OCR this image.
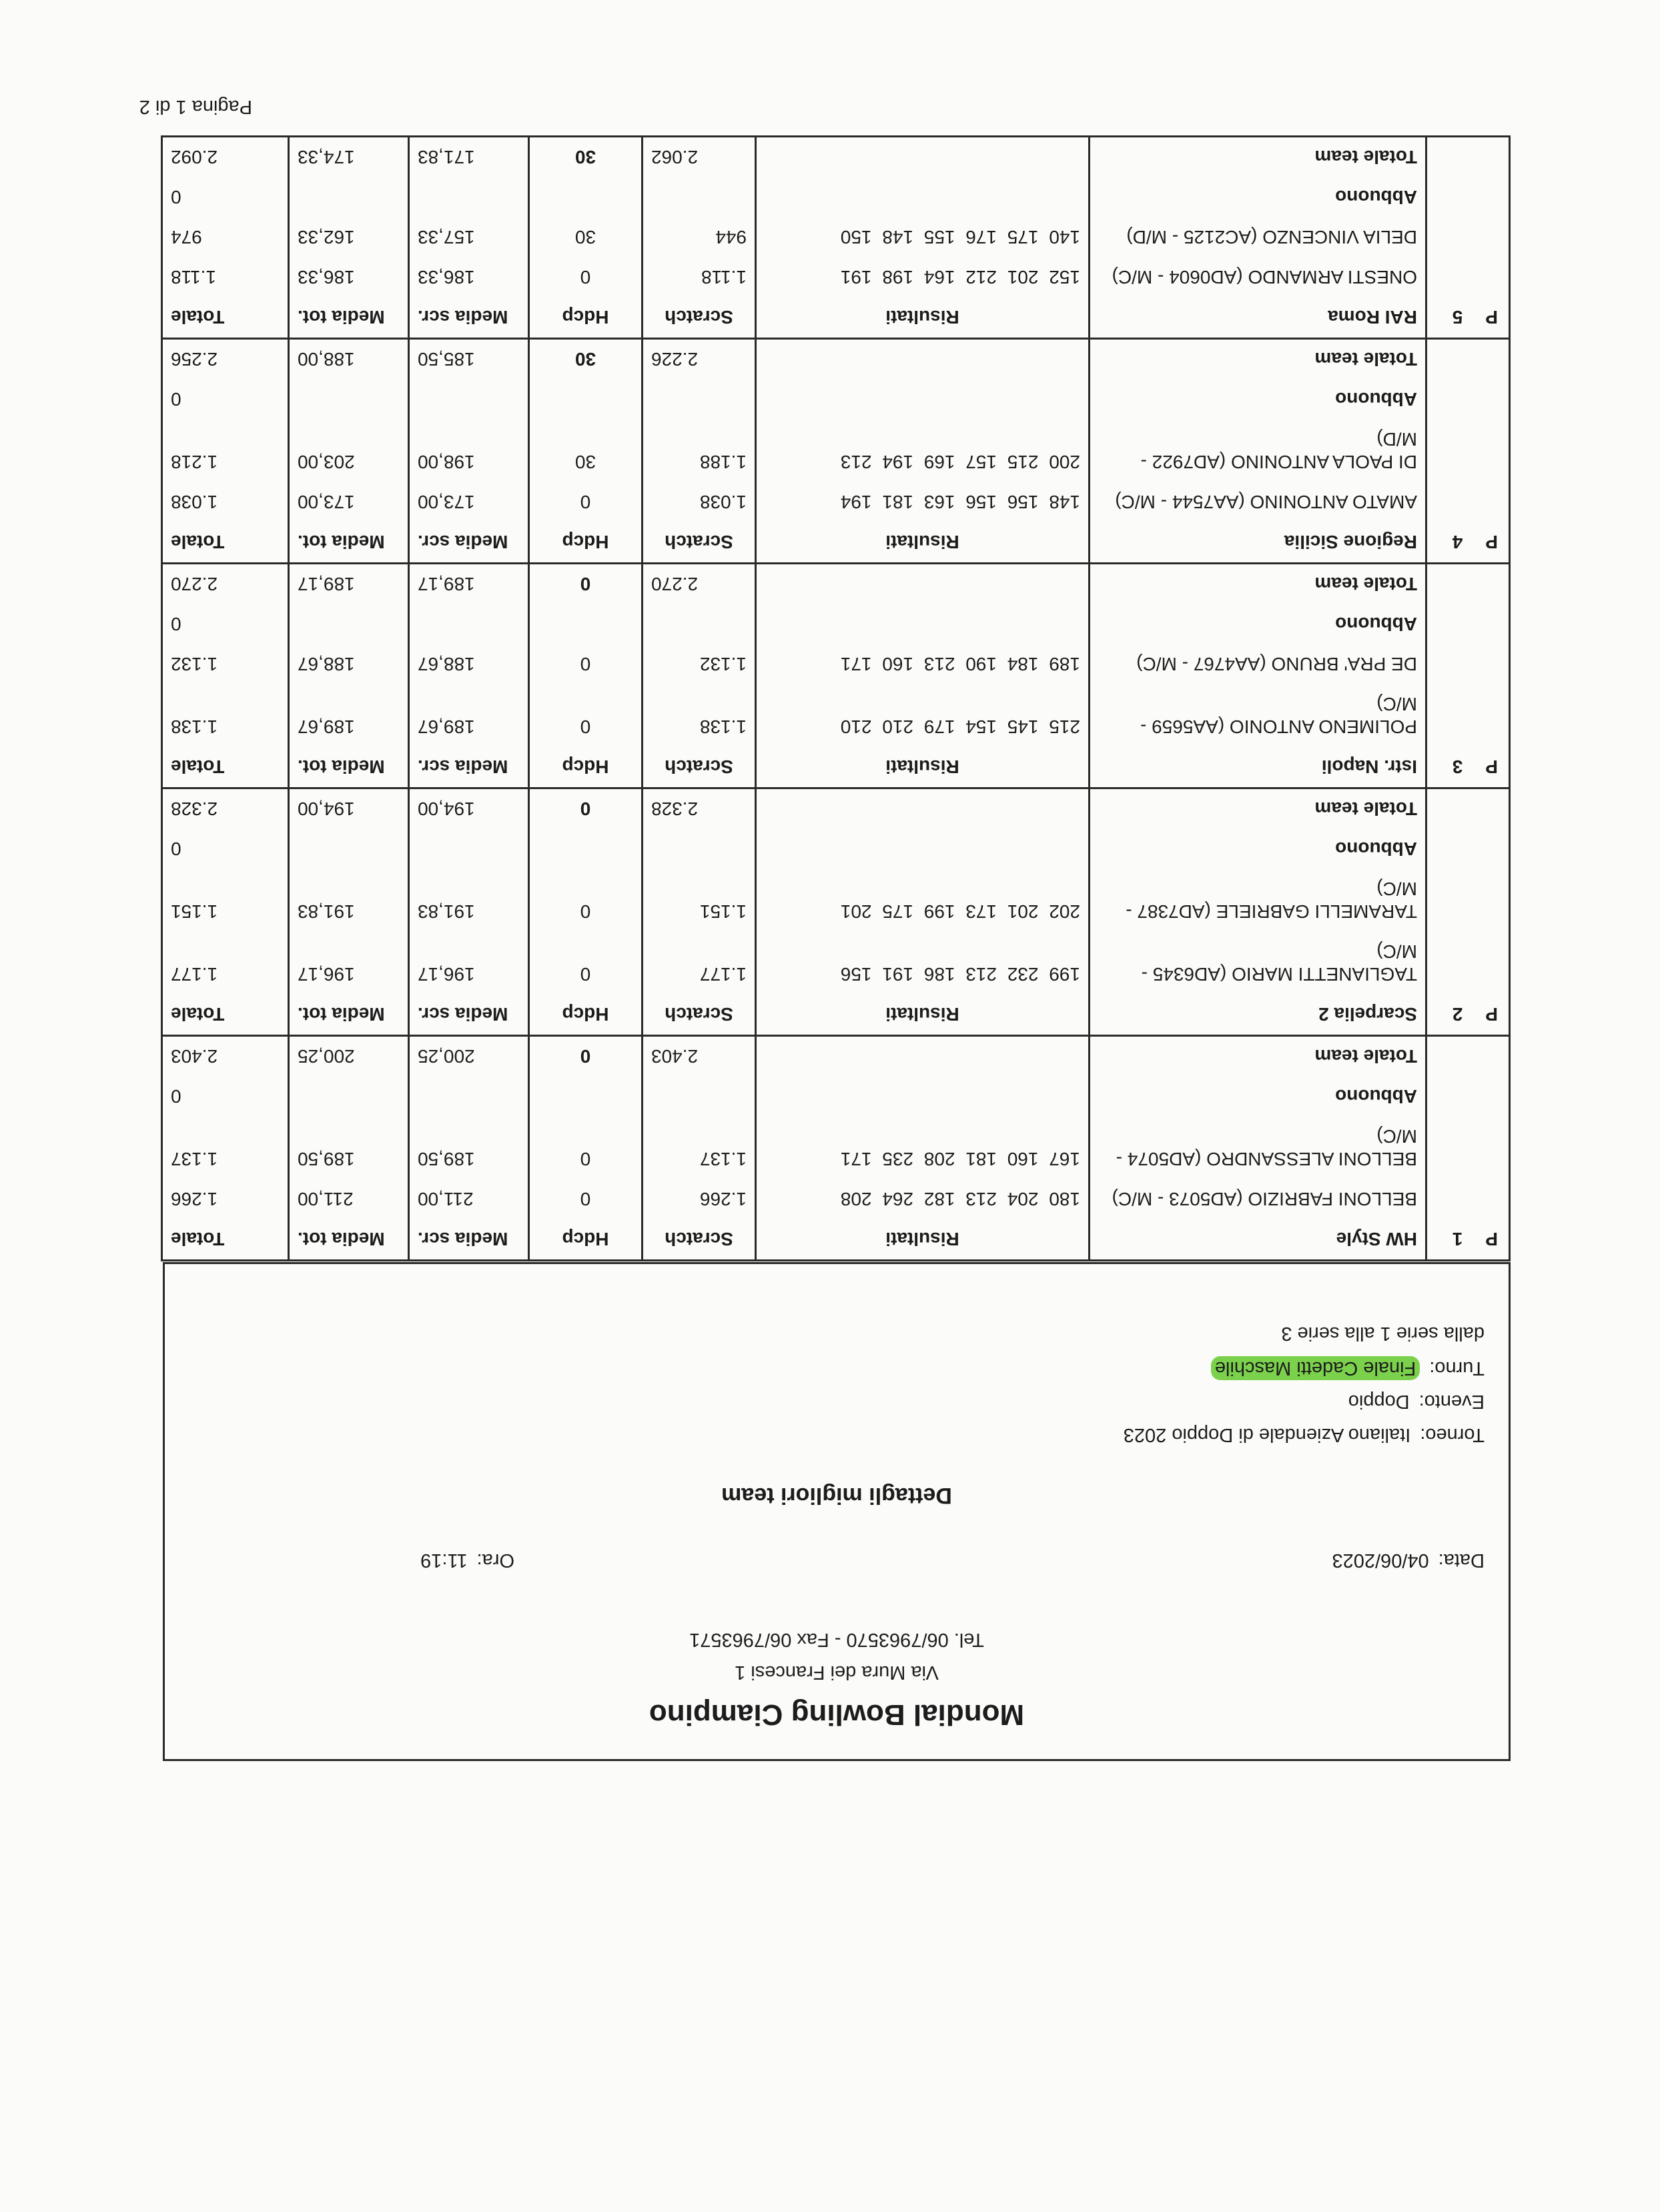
Mondial Bowling Ciampino
Via Mura dei Francesi 1
Tel. 06/7963570 - Fax 06/7963571
Data:04/06/2023
Ora:11:19
Dettagli migliori team
Torneo:Italiano Aziendale di Doppio 2023
Evento:Doppio
Turno:Finale Cadetti Maschile
dalla serie 1 alla serie 3
P1	HW Style	Risultati	Scratch	Hdcp	Media scr.	Media tot.	Totale
	BELLONI FABRIZIO (AD5073 - M/C)	180 204 213 182 264 208	1.266	0	211,00	211,00	1.266
	BELLONI ALESSANDRO (AD5074 - M/C)	167 160 181 208 235 171	1.137	0	189,50	189,50	1.137
	Abbuono						0
	Totale team		2.403	0	200,25	200,25	2.403
P2	Scarpelia 2	Risultati	Scratch	Hdcp	Media scr.	Media tot.	Totale
	TAGLIANETTI MARIO (AD6345 - M/C)	199 232 213 186 191 156	1.177	0	196,17	196,17	1.177
	TARAMELLI GABRIELE (AD7387 - M/C)	202 201 173 199 175 201	1.151	0	191,83	191,83	1.151
	Abbuono						0
	Totale team		2.328	0	194,00	194,00	2.328
P3	Istr. Napoli	Risultati	Scratch	Hdcp	Media scr.	Media tot.	Totale
	POLIMENO ANTONIO (AA5659 - M/C)	215 145 154 179 210 210	1.138	0	189,67	189,67	1.138
	DE PRA' BRUNO (AA4767 - M/C)	189 184 190 213 160 171	1.132	0	188,67	188,67	1.132
	Abbuono						0
	Totale team		2.270	0	189,17	189,17	2.270
P4	Regione Sicilia	Risultati	Scratch	Hdcp	Media scr.	Media tot.	Totale
	AMATO ANTONINO (AA7544 - M/C)	148 156 156 163 181 194	1.038	0	173,00	173,00	1.038
	DI PAOLA ANTONINO (AD7922 - M/D)	200 215 157 169 194 213	1.188	30	198,00	203,00	1.218
	Abbuono						0
	Totale team		2.226	30	185,50	188,00	2.256
P5	RAI Roma	Risultati	Scratch	Hdcp	Media scr.	Media tot.	Totale
	ONESTI ARMANDO (AD0604 - M/C)	152 201 212 164 198 191	1.118	0	186,33	186,33	1.118
	DELIA VINCENZO (AC2125 - M/D)	140 175 176 155 148 150	944	30	157,33	162,33	974
	Abbuono						0
	Totale team		2.062	30	171,83	174,33	2.092
Pagina 1 di 2
